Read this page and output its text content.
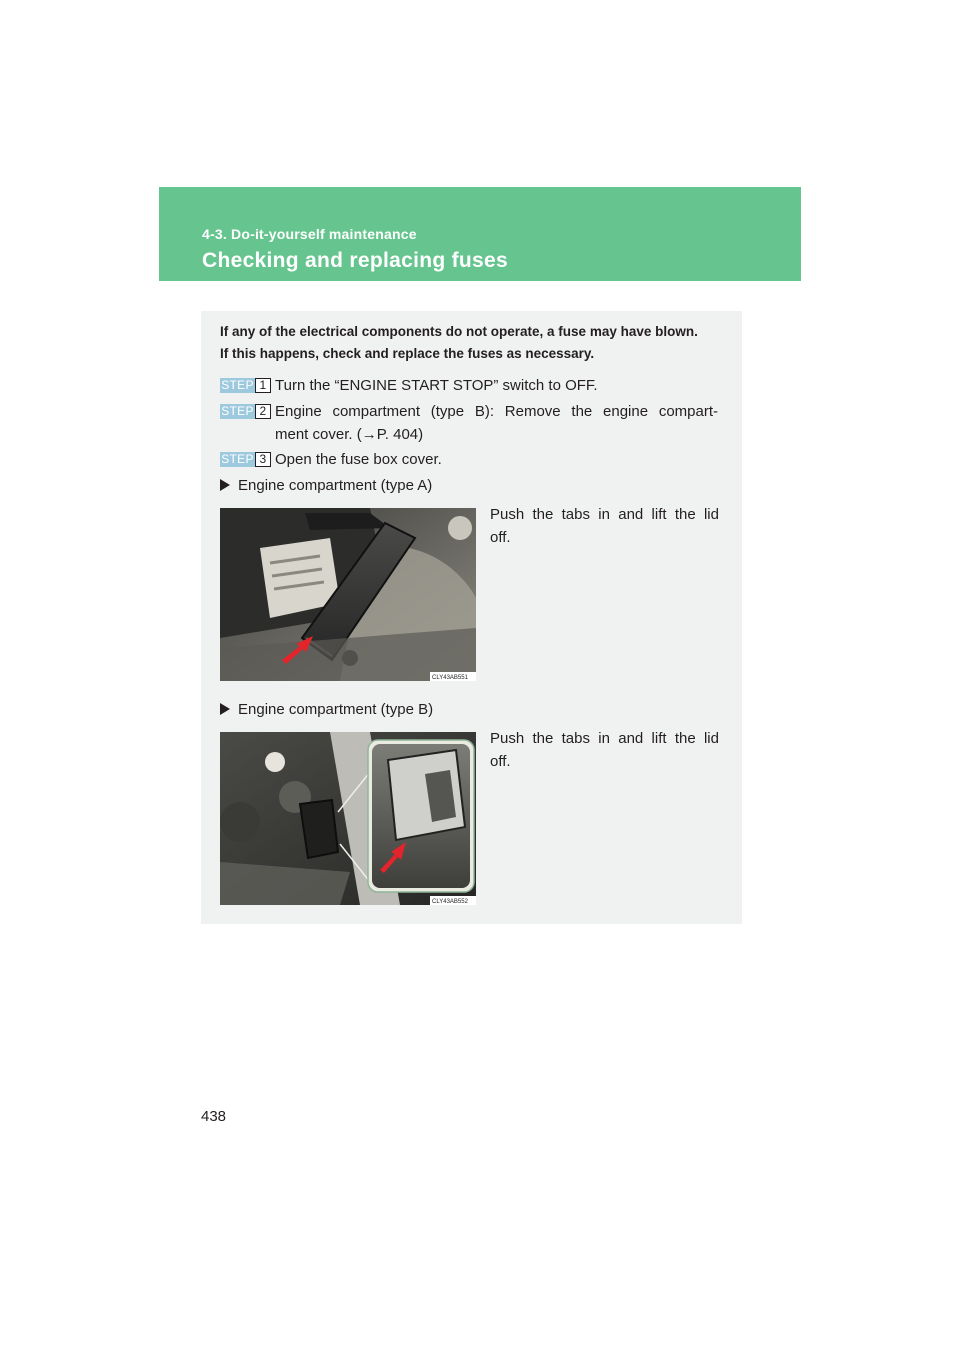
4-3. Do-it-yourself maintenance
Checking and replacing fuses
If any of the electrical components do not operate, a fuse may have blown.
If this happens, check and replace the fuses as necessary.
STEP 1 Turn the “ENGINE START STOP” switch to OFF.
STEP 2 Engine compartment (type B): Remove the engine compart-
ment cover. (→P. 404)
STEP 3 Open the fuse box cover.
Engine compartment (type A)
CLY43AB551
Push the tabs in and lift the lid
off.
Engine compartment (type B)
CLY43AB552
Push the tabs in and lift the lid
off.
438
